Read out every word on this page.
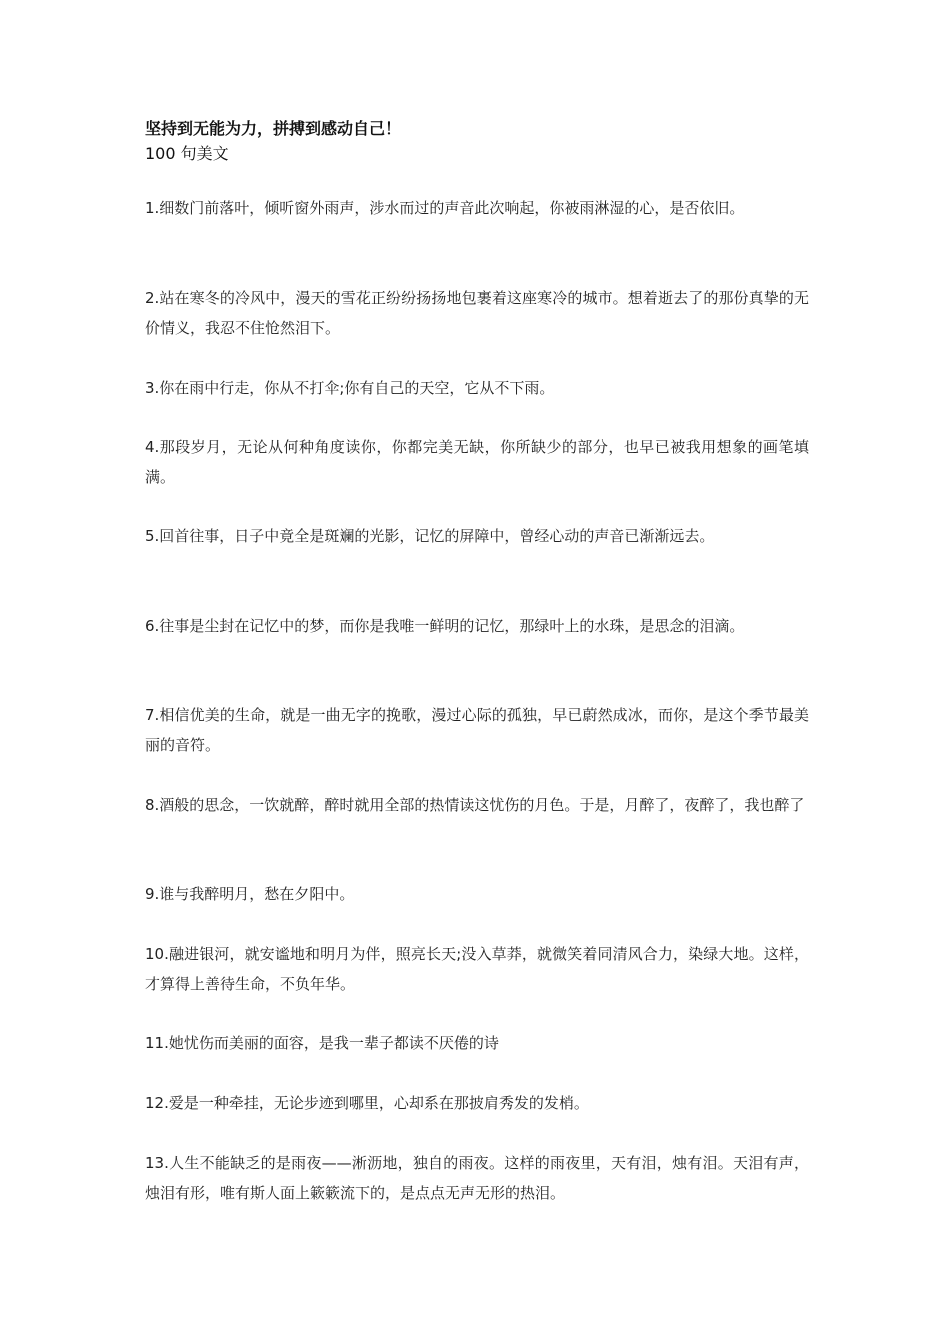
坚持到无能为力，拼搏到感动自己！
100 句美文

1.细数门前落叶，倾听窗外雨声，涉水而过的声音此次响起，你被雨淋湿的心，是否依旧。

2.站在寒冬的冷风中，漫天的雪花正纷纷扬扬地包裹着这座寒冷的城市。想着逝去了的那份真挚的无价情义，我忍不住怆然泪下。

3.你在雨中行走，你从不打伞;你有自己的天空，它从不下雨。

4.那段岁月，无论从何种角度读你，你都完美无缺，你所缺少的部分，也早已被我用想象的画笔填满。

5.回首往事，日子中竟全是斑斓的光影，记忆的屏障中，曾经心动的声音已渐渐远去。

6.往事是尘封在记忆中的梦，而你是我唯一鲜明的记忆，那绿叶上的水珠，是思念的泪滴。

7.相信优美的生命，就是一曲无字的挽歌，漫过心际的孤独，早已蔚然成冰，而你，是这个季节最美丽的音符。

8.酒般的思念，一饮就醉，醉时就用全部的热情读这忧伤的月色。于是，月醉了，夜醉了，我也醉了

9.谁与我醉明月，愁在夕阳中。

10.融进银河，就安谧地和明月为伴，照亮长天;没入草莽，就微笑着同清风合力，染绿大地。这样，才算得上善待生命，不负年华。

11.她忧伤而美丽的面容，是我一辈子都读不厌倦的诗

12.爱是一种牵挂，无论步迹到哪里，心却系在那披肩秀发的发梢。

13.人生不能缺乏的是雨夜——淅沥地，独自的雨夜。这样的雨夜里，天有泪，烛有泪。天泪有声，烛泪有形，唯有斯人面上簌簌流下的，是点点无声无形的热泪。
